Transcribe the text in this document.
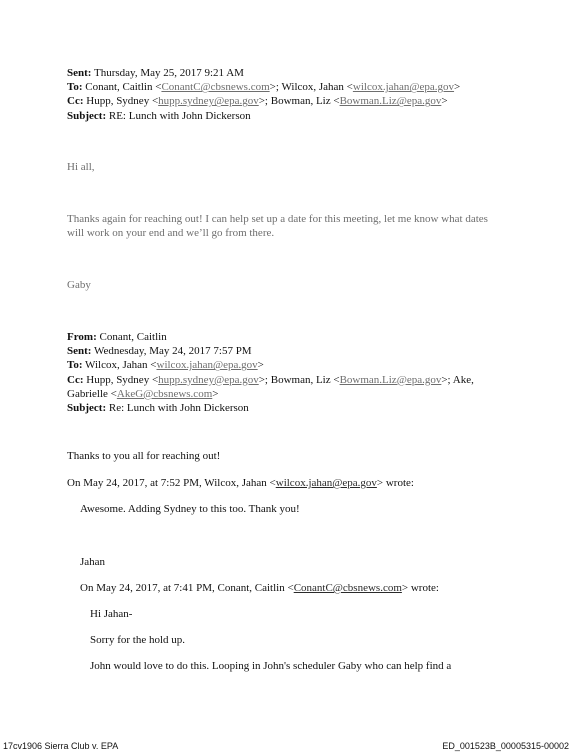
Sent: Thursday, May 25, 2017 9:21 AM
To: Conant, Caitlin <ConantC@cbsnews.com>; Wilcox, Jahan <wilcox.jahan@epa.gov>
Cc: Hupp, Sydney <hupp.sydney@epa.gov>; Bowman, Liz <Bowman.Liz@epa.gov>
Subject: RE: Lunch with John Dickerson
Hi all,
Thanks again for reaching out! I can help set up a date for this meeting, let me know what dates
will work on your end and we’ll go from there.
Gaby
From: Conant, Caitlin
Sent: Wednesday, May 24, 2017 7:57 PM
To: Wilcox, Jahan <wilcox.jahan@epa.gov>
Cc: Hupp, Sydney <hupp.sydney@epa.gov>; Bowman, Liz <Bowman.Liz@epa.gov>; Ake,
Gabrielle <AkeG@cbsnews.com>
Subject: Re: Lunch with John Dickerson
Thanks to you all for reaching out!
On May 24, 2017, at 7:52 PM, Wilcox, Jahan <wilcox.jahan@epa.gov> wrote:
Awesome. Adding Sydney to this too. Thank you!
Jahan
On May 24, 2017, at 7:41 PM, Conant, Caitlin <ConantC@cbsnews.com> wrote:
Hi Jahan-
Sorry for the hold up.
John would love to do this. Looping in John's scheduler Gaby who can help find a
17cv1906 Sierra Club v. EPA	ED_001523B_00005315-00002
